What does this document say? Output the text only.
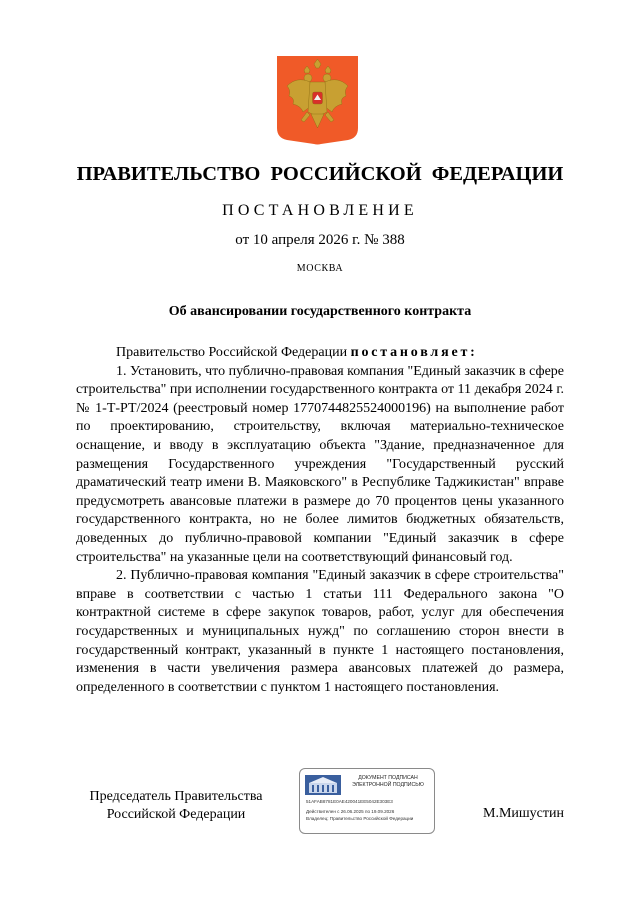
ПРАВИТЕЛЬСТВО РОССИЙСКОЙ ФЕДЕРАЦИИ
ПОСТАНОВЛЕНИЕ
от 10 апреля 2026 г. № 388
МОСКВА
Об авансировании государственного контракта

Правительство Российской Федерации постановляет:

1. Установить, что публично-правовая компания "Единый заказчик в сфере строительства" при исполнении государственного контракта от 11 декабря 2024 г. № 1-Т-РТ/2024 (реестровый номер 1770744825524000196) на выполнение работ по проектированию, строительству, включая материально-техническое оснащение, и вводу в эксплуатацию объекта "Здание, предназначенное для размещения Государственного учреждения "Государственный русский драматический театр имени В. Маяковского" в Республике Таджикистан" вправе предусмотреть авансовые платежи в размере до 70 процентов цены указанного государственного контракта, но не более лимитов бюджетных обязательств, доведенных до публично-правовой компании "Единый заказчик в сфере строительства" на указанные цели на соответствующий финансовый год.

2. Публично-правовая компания "Единый заказчик в сфере строительства" вправе в соответствии с частью 1 статьи 111 Федерального закона "О контрактной системе в сфере закупок товаров, работ, услуг для обеспечения государственных и муниципальных нужд" по соглашению сторон внести в государственный контракт, указанный в пункте 1 настоящего постановления, изменения в части увеличения размера авансовых платежей до размера, определенного в соответствии с пунктом 1 настоящего постановления.

Председатель Правительства
Российской Федерации
ДОКУМЕНТ ПОДПИСАН
ЭЛЕКТРОННОЙ ПОДПИСЬЮ
51AFAB8781E0AE420041EE5042E303E3
Действителен с 26.06.2025 по 19.09.2026
Владелец: Правительство Российской Федерации	М.Мишустин
